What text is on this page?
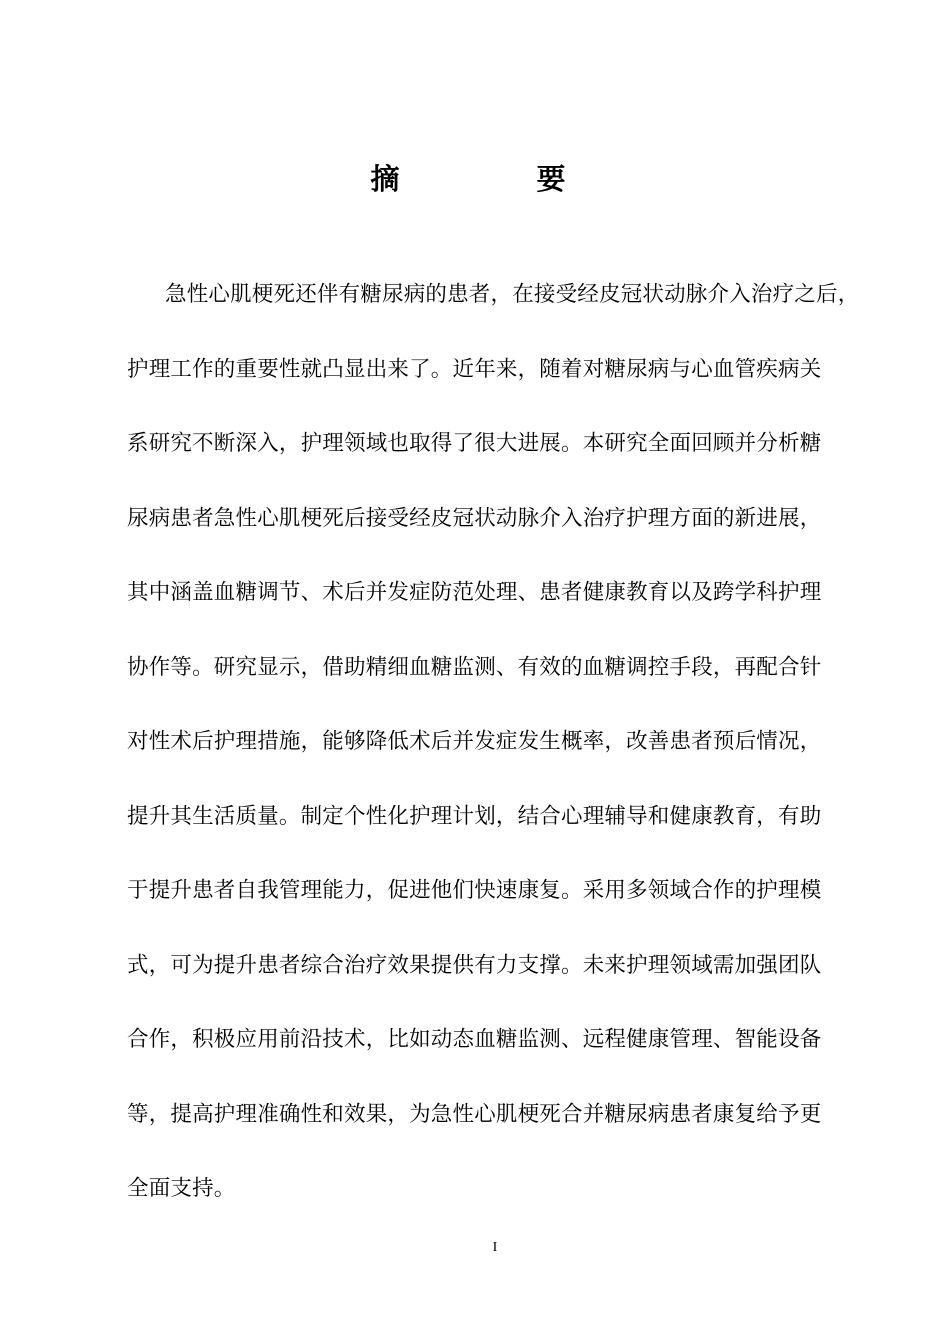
摘　要
急性心肌梗死还伴有糖尿病的患者，在接受经皮冠状动脉介入治疗之后，
护理工作的重要性就凸显出来了。近年来，随着对糖尿病与心血管疾病关
系研究不断深入，护理领域也取得了很大进展。本研究全面回顾并分析糖
尿病患者急性心肌梗死后接受经皮冠状动脉介入治疗护理方面的新进展，
其中涵盖血糖调节、术后并发症防范处理、患者健康教育以及跨学科护理
协作等。研究显示，借助精细血糖监测、有效的血糖调控手段，再配合针
对性术后护理措施，能够降低术后并发症发生概率，改善患者预后情况，
提升其生活质量。制定个性化护理计划，结合心理辅导和健康教育，有助
于提升患者自我管理能力，促进他们快速康复。采用多领域合作的护理模
式，可为提升患者综合治疗效果提供有力支撑。未来护理领域需加强团队
合作，积极应用前沿技术，比如动态血糖监测、远程健康管理、智能设备
等，提高护理准确性和效果，为急性心肌梗死合并糖尿病患者康复给予更
全面支持。
I
